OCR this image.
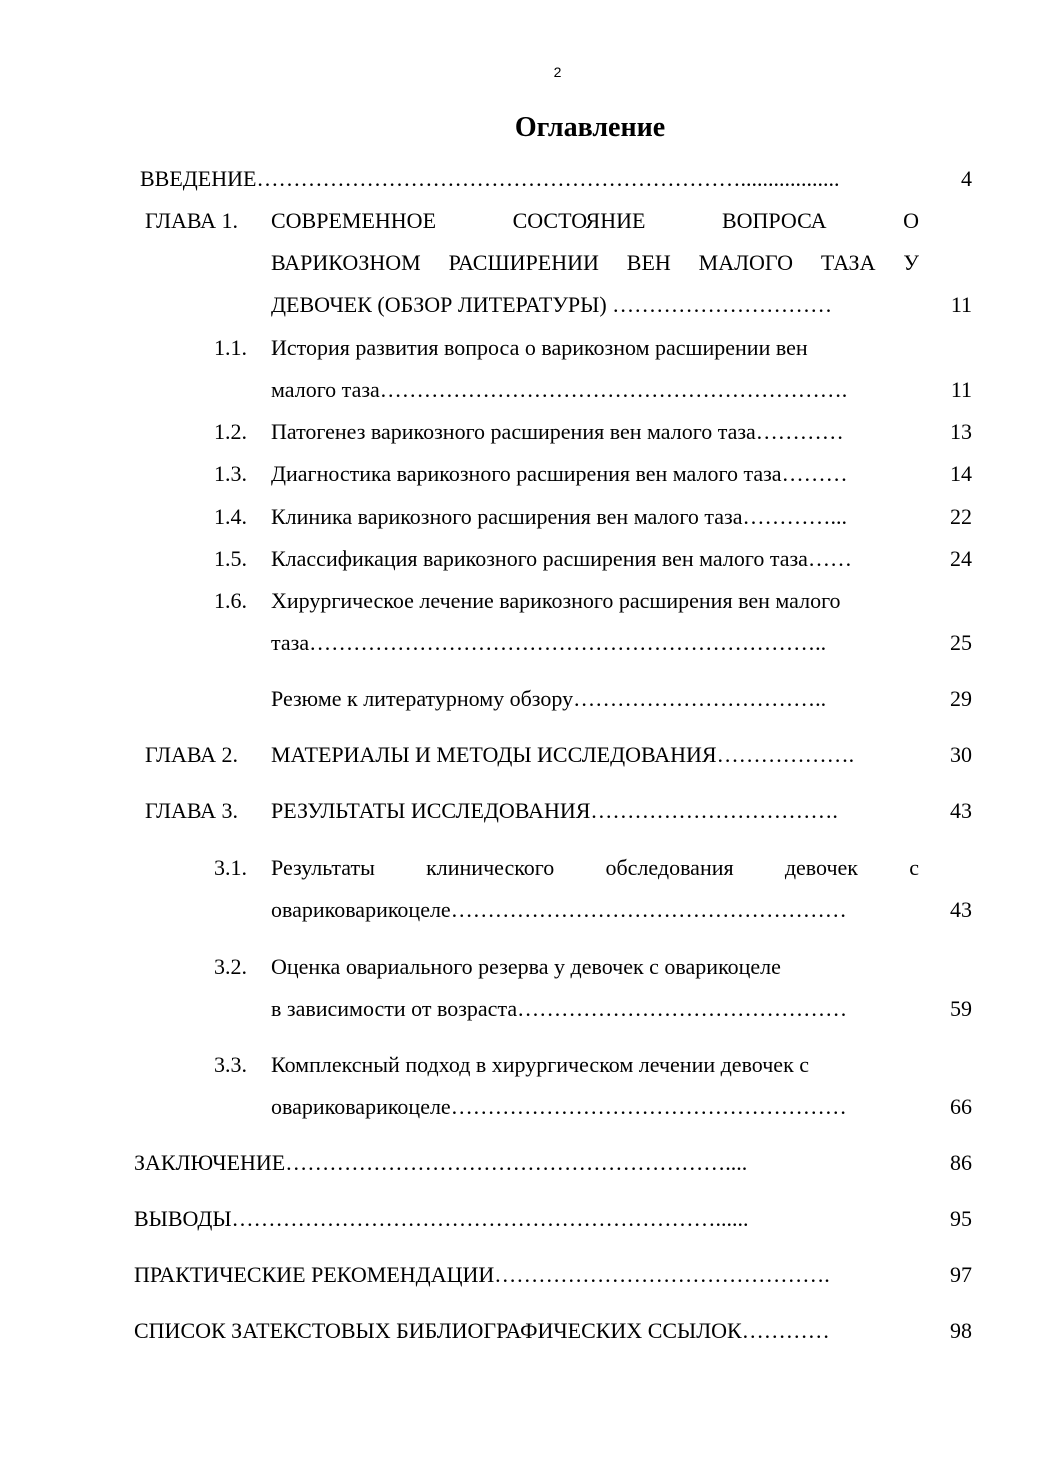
2
Оглавление
ВВЕДЕНИЕ…………………………………………………………..................	4
ГЛАВА 1. СОВРЕМЕННОЕ	СОСТОЯНИЕ	ВОПРОСА	О
ВАРИКОЗНОМ РАСШИРЕНИИ ВЕН МАЛОГО ТАЗА У
ДЕВОЧЕК (ОБЗОР ЛИТЕРАТУРЫ) …………………………	11
1.1. История развития вопроса о варикозном расширении вен
малого таза……………………………………………………….	11
1.2. Патогенез варикозного расширения вен малого таза…………	13
1.3. Диагностика варикозного расширения вен малого таза………	14
1.4. Клиника варикозного расширения вен малого таза…………...	22
1.5. Классификация варикозного расширения вен малого таза……	24
1.6. Хирургическое лечение варикозного расширения вен малого
таза……………………………………………………………..	25
Резюме к литературному обзору……………………………..	29
ГЛАВА 2. МАТЕРИАЛЫ И МЕТОДЫ ИССЛЕДОВАНИЯ……………….	30
ГЛАВА 3. РЕЗУЛЬТАТЫ ИССЛЕДОВАНИЯ…………………………….	43
3.1. Результаты клинического обследования девочек с
овариковарикоцеле………………………………………………	43
3.2. Оценка овариального резерва у девочек с оварикоцеле
в зависимости от возраста………………………………………	59
3.3. Комплексный подход в хирургическом лечении девочек с
овариковарикоцеле………………………………………………	66
ЗАКЛЮЧЕНИЕ……………………………………………………....	86
ВЫВОДЫ…………………………………………………………......	95
ПРАКТИЧЕСКИЕ РЕКОМЕНДАЦИИ……………………………………….	97
СПИСОК ЗАТЕКСТОВЫХ БИБЛИОГРАФИЧЕСКИХ ССЫЛОК…………	98
